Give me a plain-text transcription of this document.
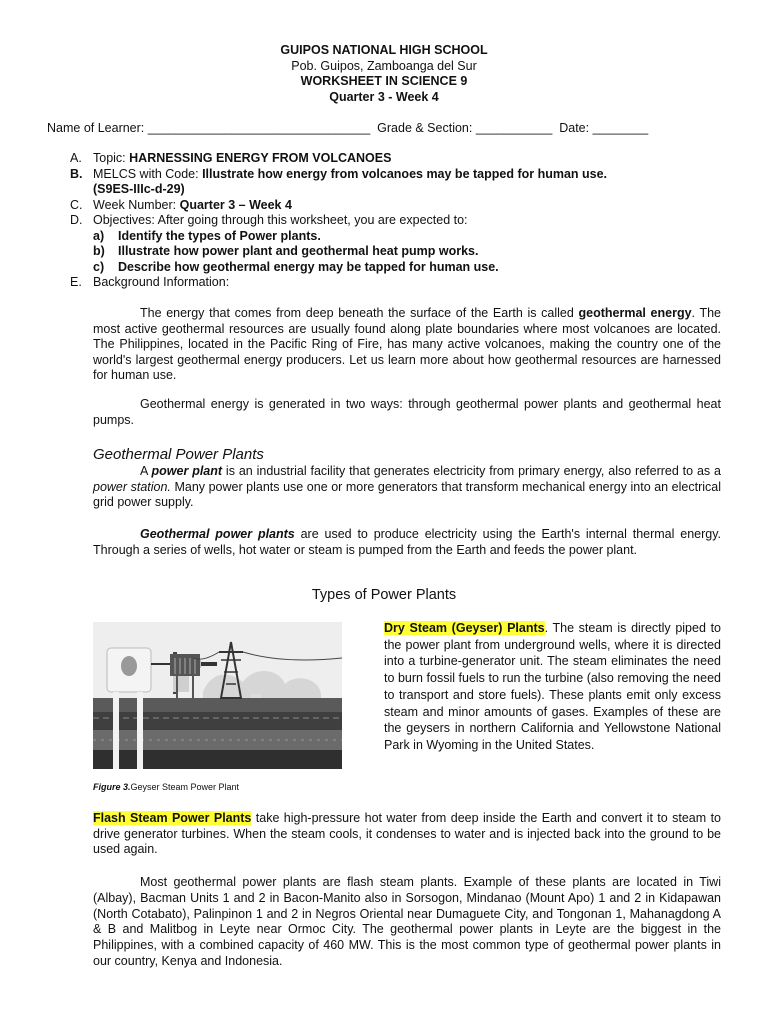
GUIPOS NATIONAL HIGH SCHOOL
Pob. Guipos, Zamboanga del Sur
WORKSHEET IN SCIENCE 9
Quarter 3 - Week 4
Name of Learner: ________________________________  Grade & Section: ___________  Date: ________
A. Topic: HARNESSING ENERGY FROM VOLCANOES
B. MELCS with Code: Illustrate how energy from volcanoes may be tapped for human use.
(S9ES-IIIc-d-29)
C. Week Number: Quarter 3 – Week 4
D. Objectives: After going through this worksheet, you are expected to:
a) Identify the types of Power plants.
b) Illustrate how power plant and geothermal heat pump works.
c) Describe how geothermal energy may be tapped for human use.
E. Background Information:
The energy that comes from deep beneath the surface of the Earth is called geothermal energy. The most active geothermal resources are usually found along plate boundaries where most volcanoes are located. The Philippines, located in the Pacific Ring of Fire, has many active volcanoes, making the country one of the world's largest geothermal energy producers. Let us learn more about how geothermal resources are harnessed for human use.
Geothermal energy is generated in two ways: through geothermal power plants and geothermal heat pumps.
Geothermal Power Plants
A power plant is an industrial facility that generates electricity from primary energy, also referred to as a power station. Many power plants use one or more generators that transform mechanical energy into an electrical grid power supply.
Geothermal power plants are used to produce electricity using the Earth's internal thermal energy. Through a series of wells, hot water or steam is pumped from the Earth and feeds the power plant.
Types of Power Plants
Figure 3.Geyser Steam Power Plant
Dry Steam (Geyser) Plants. The steam is directly piped to the power plant from underground wells, where it is directed into a turbine-generator unit. The steam eliminates the need to burn fossil fuels to run the turbine (also removing the need to transport and store fuels). These plants emit only excess steam and minor amounts of gases. Examples of these are the geysers in northern California and Yellowstone National Park in Wyoming in the United States.
Flash Steam Power Plants take high-pressure hot water from deep inside the Earth and convert it to steam to drive generator turbines. When the steam cools, it condenses to water and is injected back into the ground to be used again.
Most geothermal power plants are flash steam plants. Example of these plants are located in Tiwi (Albay), Bacman Units 1 and 2 in Bacon-Manito also in Sorsogon, Mindanao (Mount Apo) 1 and 2 in Kidapawan (North Cotabato), Palinpinon 1 and 2 in Negros Oriental near Dumaguete City, and Tongonan 1, Mahanagdong A & B and Malitbog in Leyte near Ormoc City. The geothermal power plants in Leyte are the biggest in the Philippines, with a combined capacity of 460 MW. This is the most common type of geothermal power plants in our country, Kenya and Indonesia.
